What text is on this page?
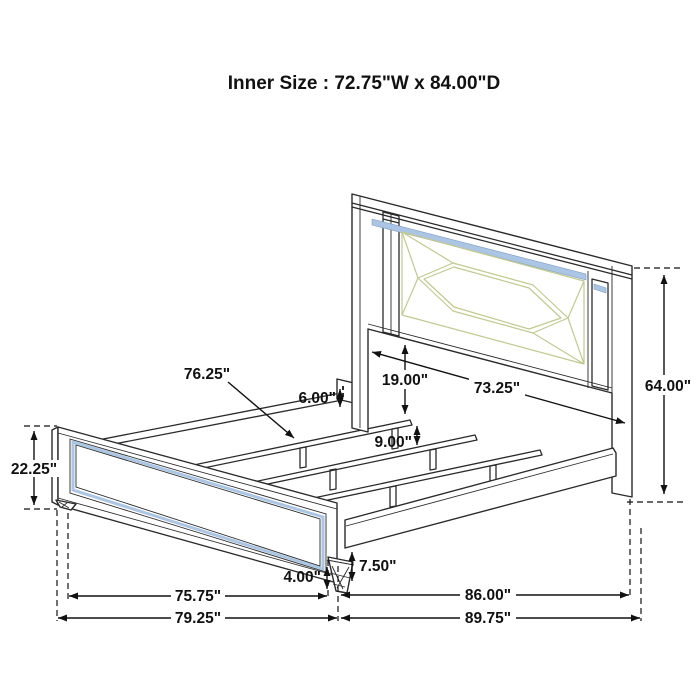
Inner Size : 72.75"W x 84.00"D
22.25"
76.25"
6.00"
19.00"	73.25"	64.00"
9.00"
4.00"
7.50"
75.75"
79.25"
86.00"
89.75"
